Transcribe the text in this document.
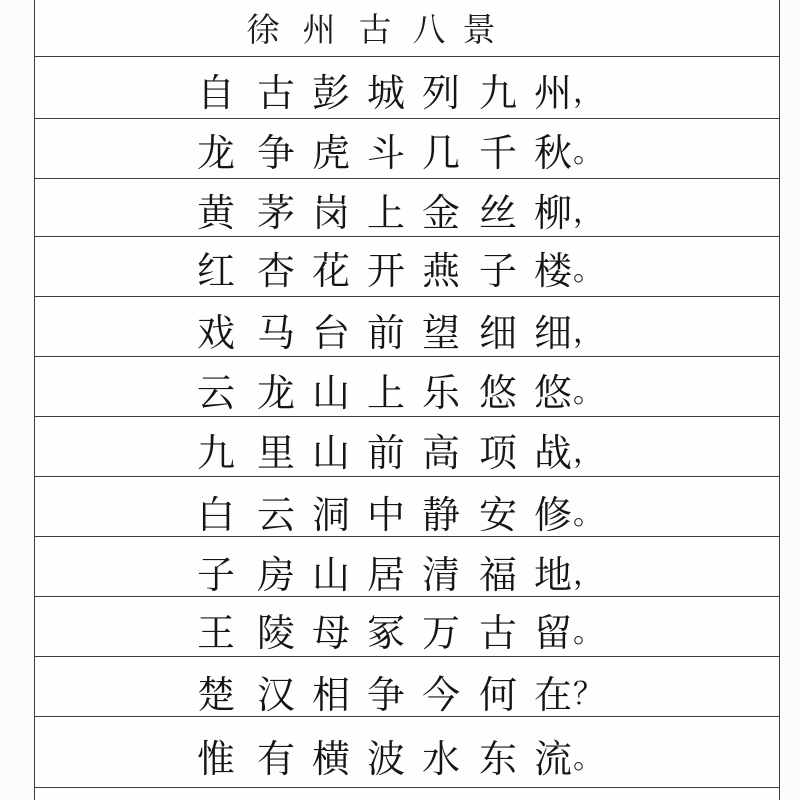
徐 州 古 八 景
自 古 彭 城 列 九 州 ，
龙 争 虎 斗 几 千 秋 。
黄 茅 岗 上 金 丝 柳 ，
红 杏 花 开 燕 子 楼 。
戏 马 台 前 望 细 细 ，
云 龙 山 上 乐 悠 悠 。
九 里 山 前 高 项 战 ，
白 云 洞 中 静 安 修 。
子 房 山 居 清 福 地 ，
王 陵 母 冢 万 古 留 。
楚 汉 相 争 今 何 在 ？
惟 有 横 波 水 东 流 。
